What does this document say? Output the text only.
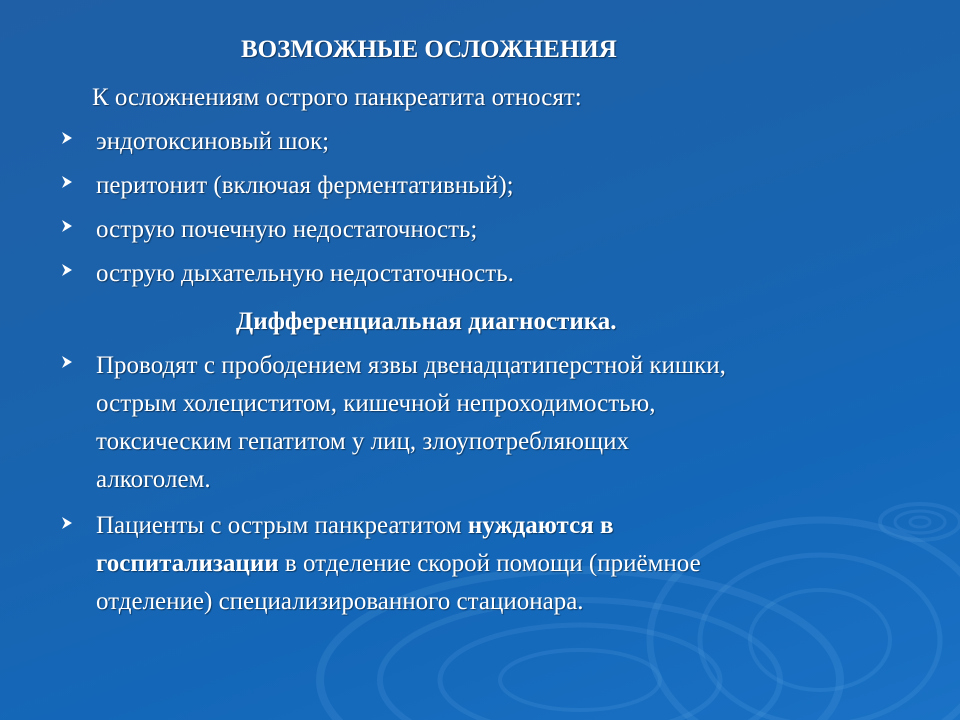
ВОЗМОЖНЫЕ ОСЛОЖНЕНИЯ
К осложнениям острого панкреатита относят:
эндотоксиновый шок;
перитонит (включая ферментативный);
острую почечную недостаточность;
острую дыхательную недостаточность.
Дифференциальная диагностика.
Проводят с прободением язвы двенадцатиперстной кишки,
острым холециститом, кишечной непроходимостью,
токсическим гепатитом у лиц, злоупотребляющих
алкоголем.
Пациенты с острым панкреатитом нуждаются в
госпитализации в отделение скорой помощи (приёмное
отделение) специализированного стационара.
